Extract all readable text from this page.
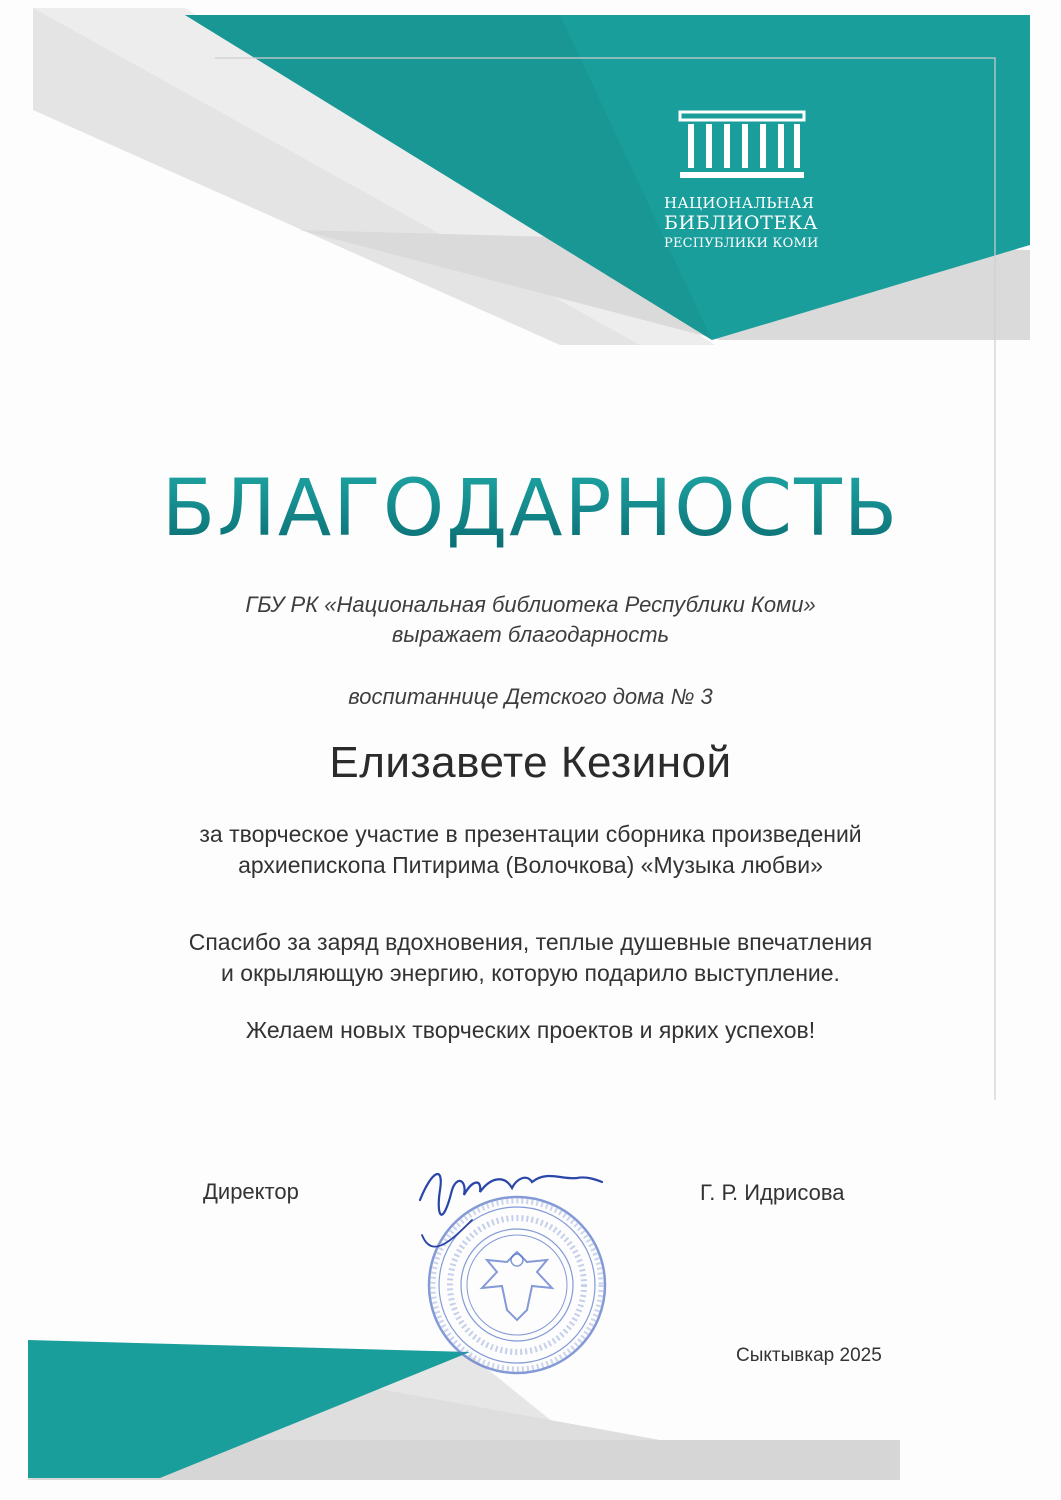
НАЦИОНАЛЬНАЯ
БИБЛИОТЕКА
РЕСПУБЛИКИ КОМИ
БЛАГОДАРНОСТЬ
ГБУ РК «Национальная библиотека Республики Коми»
выражает благодарность
воспитаннице Детского дома № 3
Елизавете Кезиной
за творческое участие в презентации сборника произведений
архиепископа Питирима (Волочкова) «Музыка любви»
Спасибо за заряд вдохновения, теплые душевные впечатления
и окрыляющую энергию, которую подарило выступление.
Желаем новых творческих проектов и ярких успехов!
Директор	Г. Р. Идрисова
Сыктывкар 2025
